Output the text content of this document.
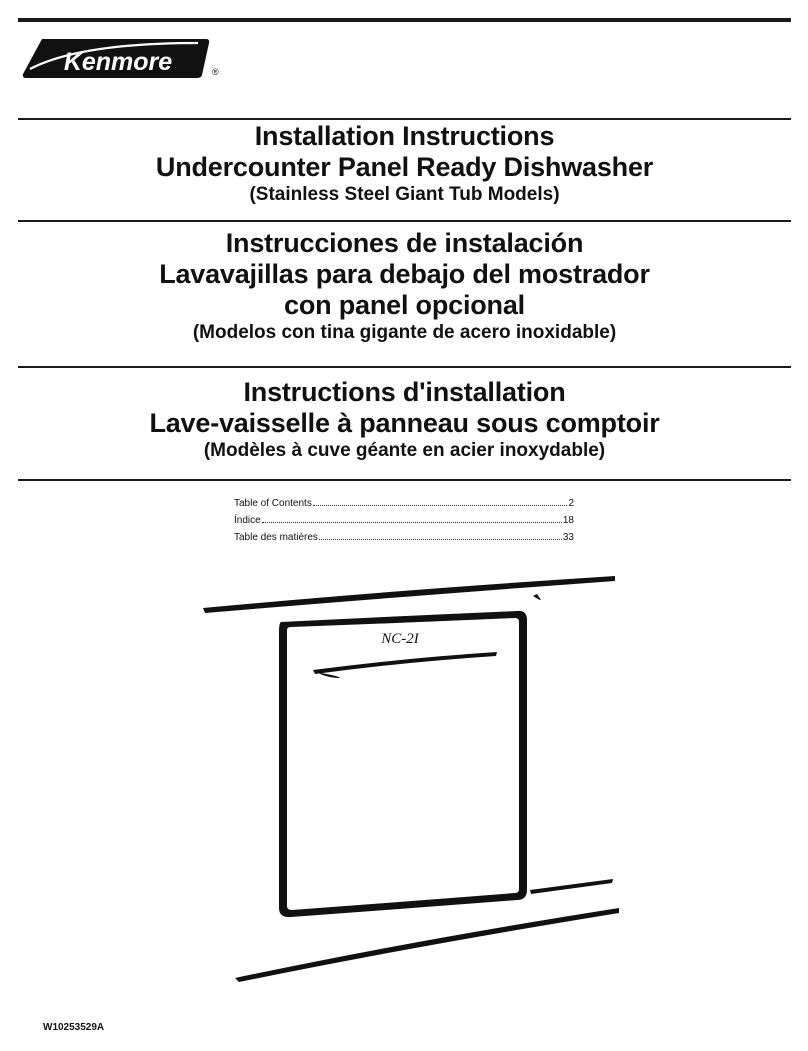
Kenmore	®
Installation Instructions
Undercounter Panel Ready Dishwasher
(Stainless Steel Giant Tub Models)
Instrucciones de instalación
Lavavajillas para debajo del mostrador
con panel opcional
(Modelos con tina gigante de acero inoxidable)
Instructions d'installation
Lave-vaisselle à panneau sous comptoir
(Modèles à cuve géante en acier inoxydable)
Table of Contents	2
Índice	18
Table des matières	33
NC-2I
W10253529A
